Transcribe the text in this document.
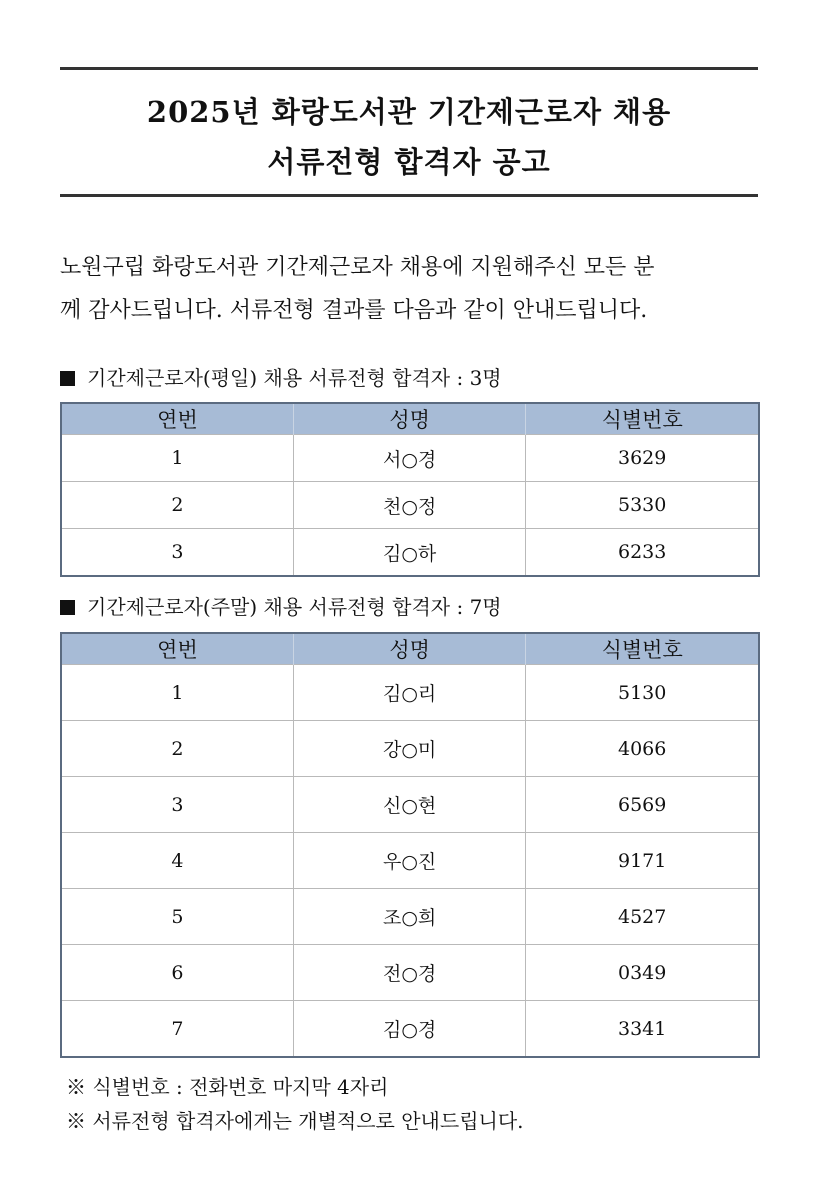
2025년 화랑도서관 기간제근로자 채용
서류전형 합격자 공고
노원구립 화랑도서관 기간제근로자 채용에 지원해주신 모든 분
께 감사드립니다. 서류전형 결과를 다음과 같이 안내드립니다.
기간제근로자(평일) 채용 서류전형 합격자 : 3명
연번	성명	식별번호
1	서○경	3629
2	천○정	5330
3	김○하	6233
기간제근로자(주말) 채용 서류전형 합격자 : 7명
연번	성명	식별번호
1	김○리	5130
2	강○미	4066
3	신○현	6569
4	우○진	9171
5	조○희	4527
6	전○경	0349
7	김○경	3341
※ 식별번호 : 전화번호 마지막 4자리
※ 서류전형 합격자에게는 개별적으로 안내드립니다.
